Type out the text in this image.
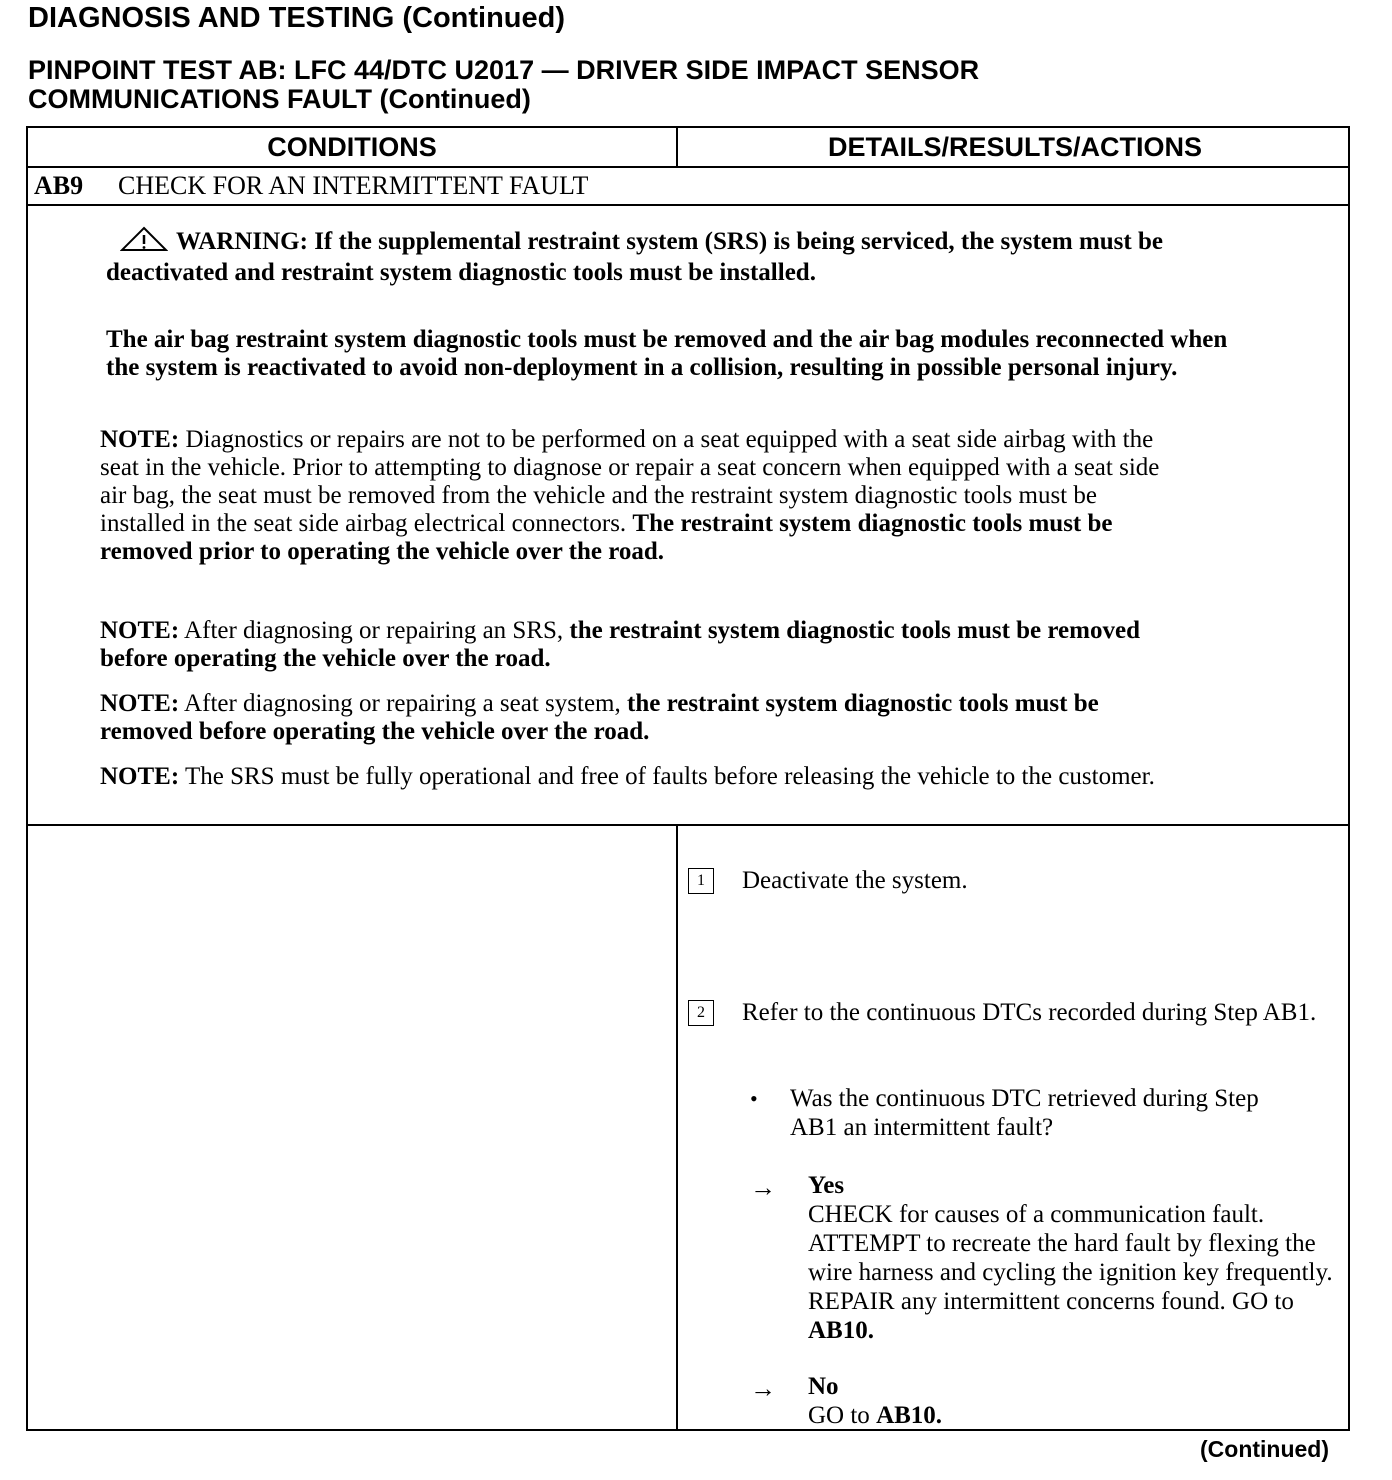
DIAGNOSIS AND TESTING (Continued)
PINPOINT TEST AB: LFC 44/DTC U2017 — DRIVER SIDE IMPACT SENSOR
COMMUNICATIONS FAULT (Continued)
CONDITIONS	DETAILS/RESULTS/ACTIONS
AB9 CHECK FOR AN INTERMITTENT FAULT
WARNING: If the supplemental restraint system (SRS) is being serviced, the system must be deactivated and restraint system diagnostic tools must be installed.
The air bag restraint system diagnostic tools must be removed and the air bag modules reconnected when the system is reactivated to avoid non-deployment in a collision, resulting in possible personal injury.
NOTE: Diagnostics or repairs are not to be performed on a seat equipped with a seat side airbag with the seat in the vehicle. Prior to attempting to diagnose or repair a seat concern when equipped with a seat side air bag, the seat must be removed from the vehicle and the restraint system diagnostic tools must be installed in the seat side airbag electrical connectors. The restraint system diagnostic tools must be removed prior to operating the vehicle over the road.
NOTE: After diagnosing or repairing an SRS, the restraint system diagnostic tools must be removed before operating the vehicle over the road.
NOTE: After diagnosing or repairing a seat system, the restraint system diagnostic tools must be removed before operating the vehicle over the road.
NOTE: The SRS must be fully operational and free of faults before releasing the vehicle to the customer.
1	Deactivate the system.
2	Refer to the continuous DTCs recorded during Step AB1.
• Was the continuous DTC retrieved during Step AB1 an intermittent fault?
→ Yes
CHECK for causes of a communication fault. ATTEMPT to recreate the hard fault by flexing the wire harness and cycling the ignition key frequently. REPAIR any intermittent concerns found. GO to AB10.
→ No
GO to AB10.
(Continued)
